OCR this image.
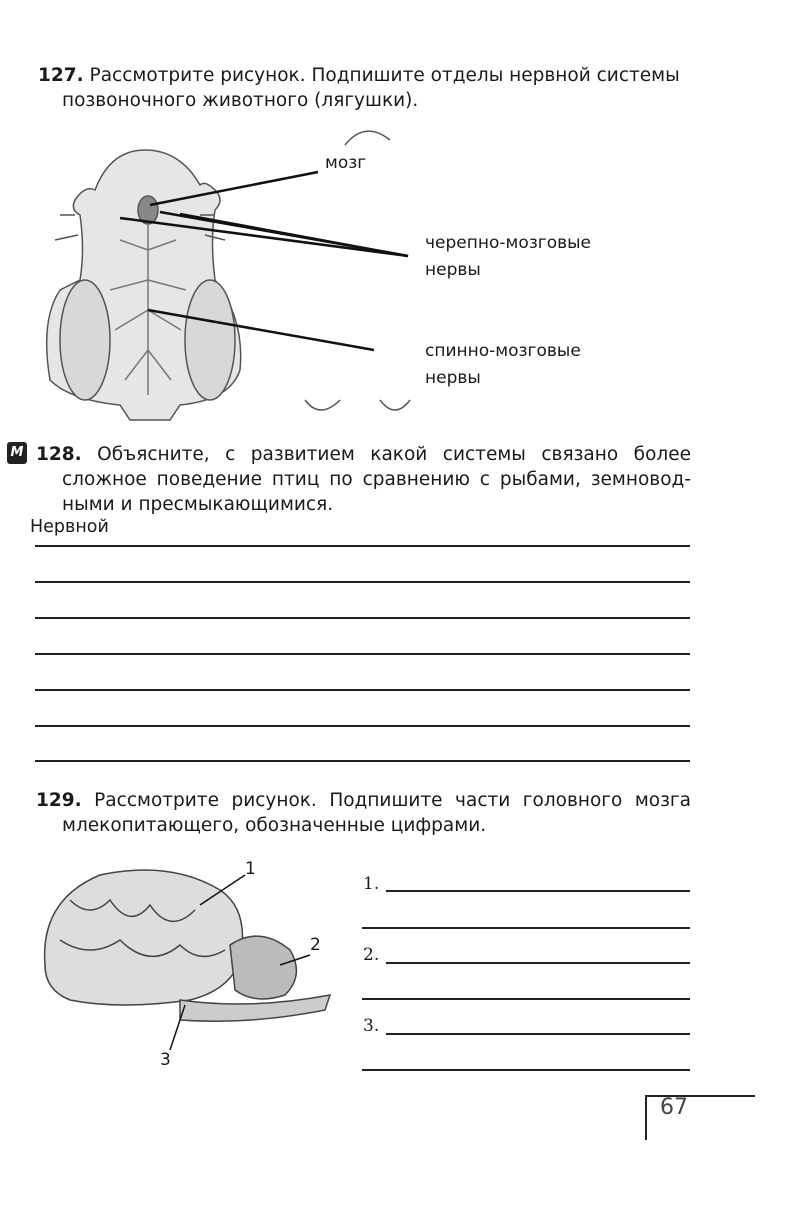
127. Рассмотрите рисунок. Подпишите отделы нервной системы
позвоночного животного (лягушки).
мозг
черепно-мозговые
нервы
спинно-мозговые
нервы
М 128. Объясните, с развитием какой системы связано более
сложное поведение птиц по сравнению с рыбами, земновод-
ными и пресмыкающимися.
Нервной
129. Рассмотрите рисунок. Подпишите части головного мозга
млекопитающего, обозначенные цифрами.
1
2
3
1.
2.
3.
67
